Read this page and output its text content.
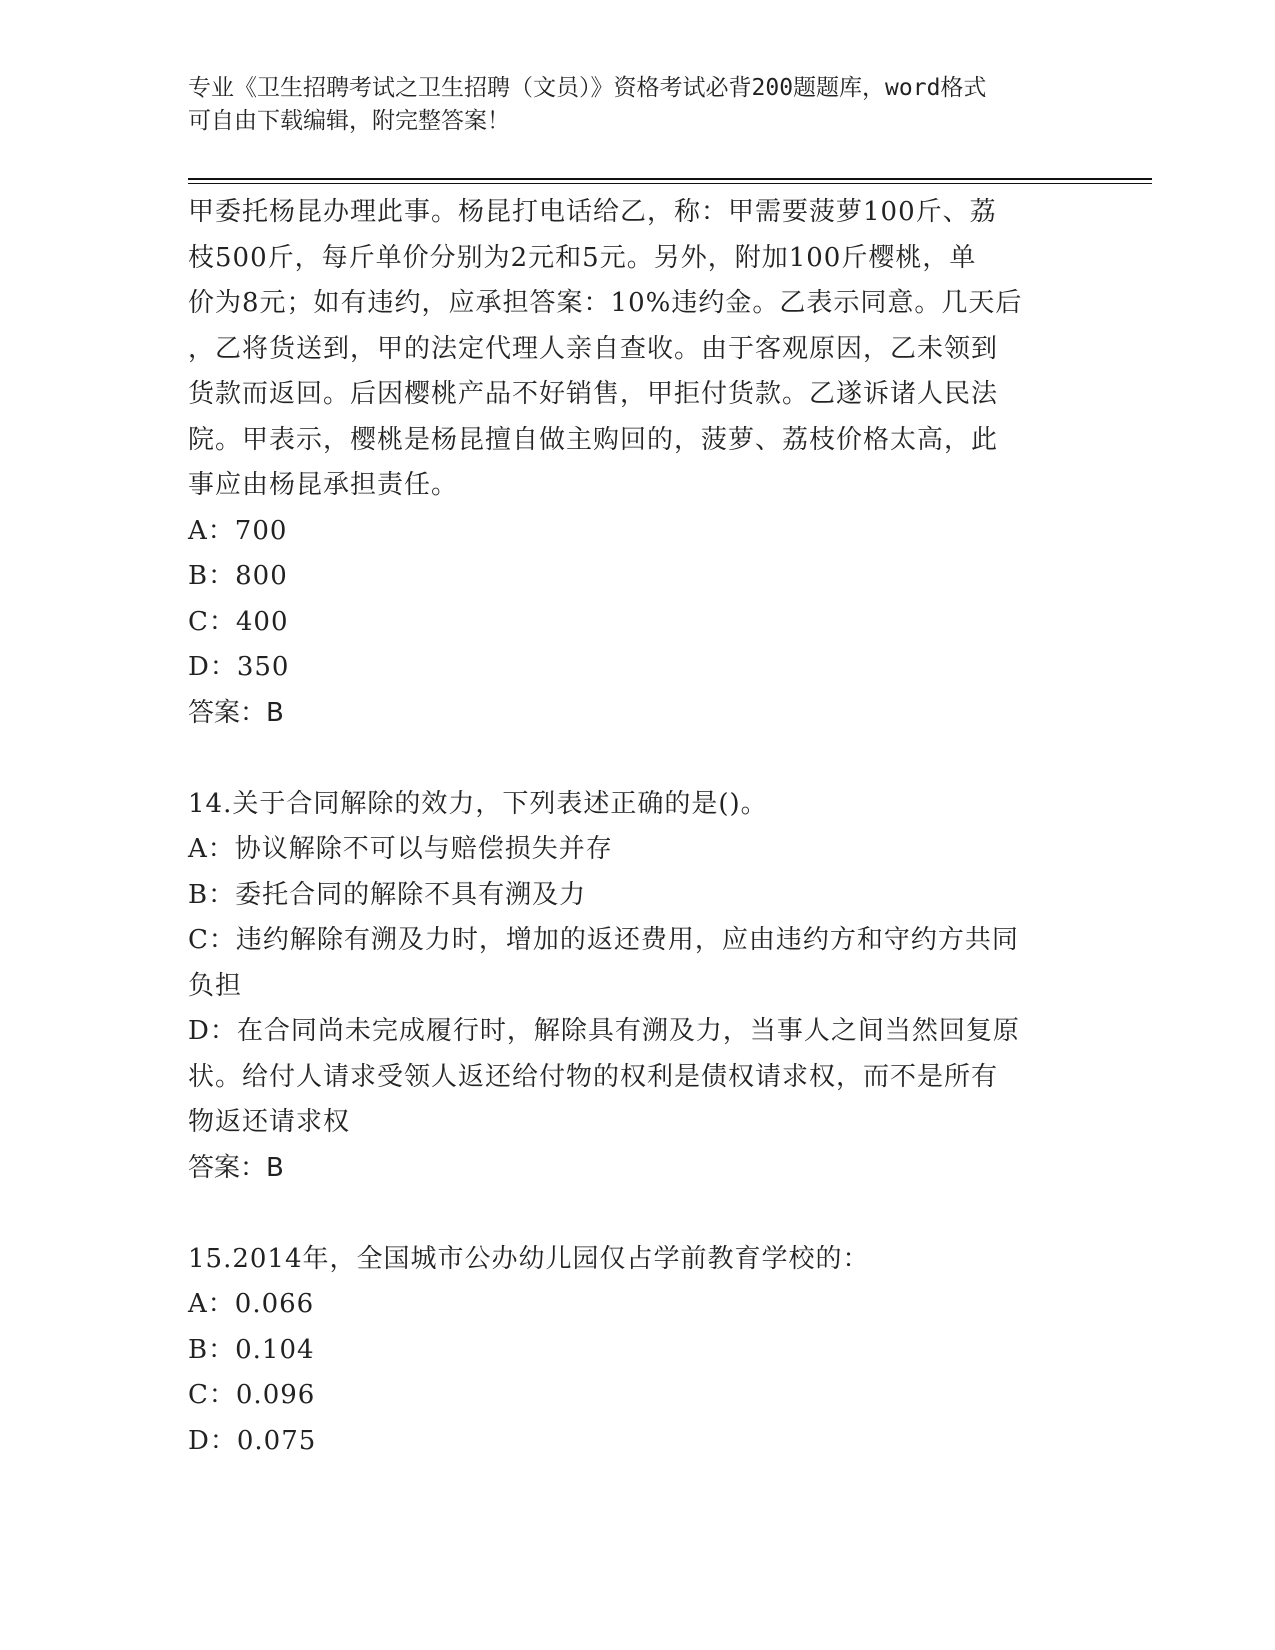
专业《卫生招聘考试之卫生招聘（文员）》资格考试必背200题题库，word格式
可自由下载编辑，附完整答案！
甲委托杨昆办理此事。杨昆打电话给乙，称：甲需要菠萝100斤、荔
枝500斤，每斤单价分别为2元和5元。另外，附加100斤樱桃，单
价为8元；如有违约，应承担答案：10%违约金。乙表示同意。几天后
，乙将货送到，甲的法定代理人亲自查收。由于客观原因，乙未领到
货款而返回。后因樱桃产品不好销售，甲拒付货款。乙遂诉诸人民法
院。甲表示，樱桃是杨昆擅自做主购回的，菠萝、荔枝价格太高，此
事应由杨昆承担责任。
A：700
B：800
C：400
D：350
答案：B
14.关于合同解除的效力，下列表述正确的是()。
A：协议解除不可以与赔偿损失并存
B：委托合同的解除不具有溯及力
C：违约解除有溯及力时，增加的返还费用，应由违约方和守约方共同
负担
D：在合同尚未完成履行时，解除具有溯及力，当事人之间当然回复原
状。给付人请求受领人返还给付物的权利是债权请求权，而不是所有
物返还请求权
答案：B
15.2014年，全国城市公办幼儿园仅占学前教育学校的：
A：0.066
B：0.104
C：0.096
D：0.075
